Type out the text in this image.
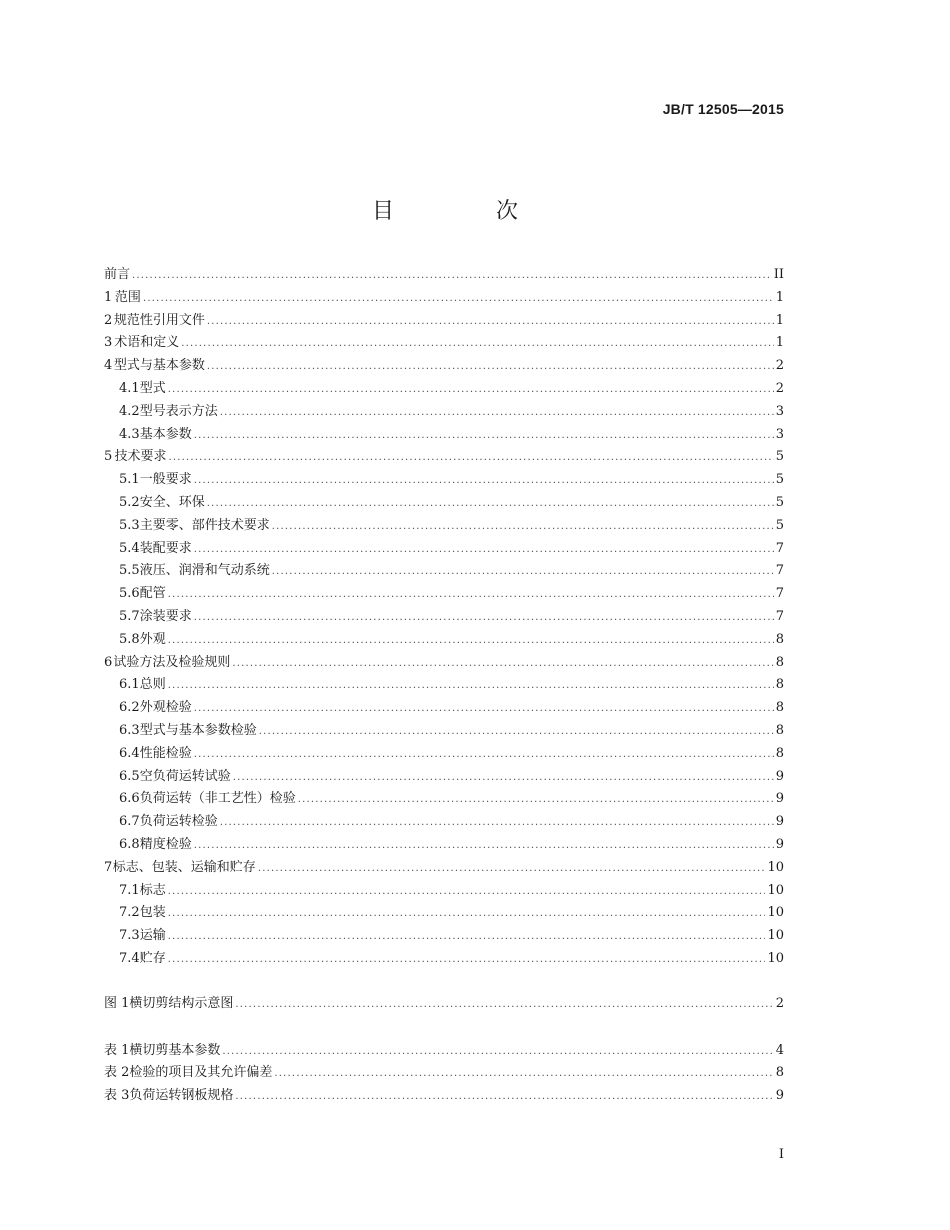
JB/T 12505—2015
目　次
前言 .....	II
1 范围 .....	1
2 规范性引用文件 .....	1
3 术语和定义 .....	1
4 型式与基本参数 .....	2
4.1 型式 .....	2
4.2 型号表示方法 .....	3
4.3 基本参数 .....	3
5 技术要求 .....	5
5.1 一般要求 .....	5
5.2 安全、环保 .....	5
5.3 主要零、部件技术要求 .....	5
5.4 装配要求 .....	7
5.5 液压、润滑和气动系统 .....	7
5.6 配管 .....	7
5.7 涂装要求 .....	7
5.8 外观 .....	8
6 试验方法及检验规则 .....	8
6.1 总则 .....	8
6.2 外观检验 .....	8
6.3 型式与基本参数检验 .....	8
6.4 性能检验 .....	8
6.5 空负荷运转试验 .....	9
6.6 负荷运转（非工艺性）检验 .....	9
6.7 负荷运转检验 .....	9
6.8 精度检验 .....	9
7 标志、包装、运输和贮存 .....	10
7.1 标志 .....	10
7.2 包装 .....	10
7.3 运输 .....	10
7.4 贮存 .....	10
图 1 横切剪结构示意图 .....	2
表 1 横切剪基本参数 .....	4
表 2 检验的项目及其允许偏差 .....	8
表 3 负荷运转钢板规格 .....	9
I
